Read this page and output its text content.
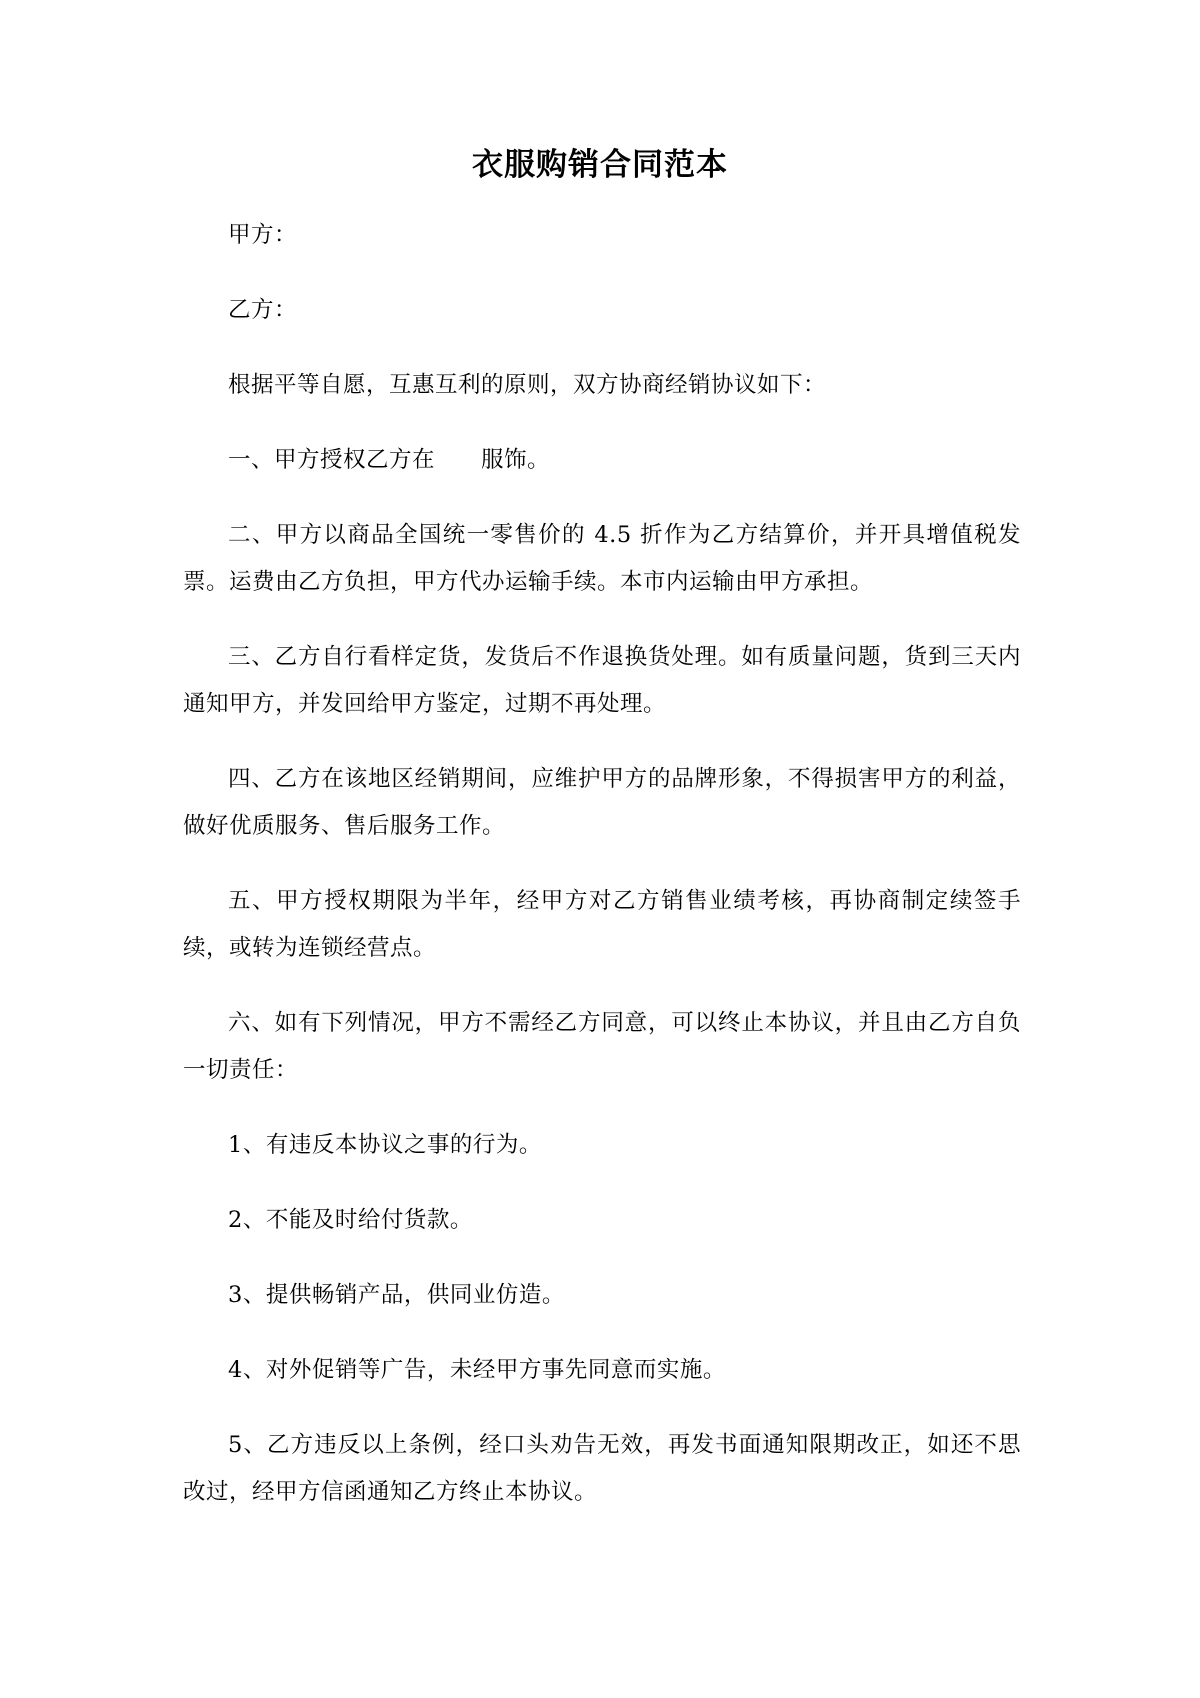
衣服购销合同范本

甲方：

乙方：

根据平等自愿，互惠互利的原则，双方协商经销协议如下：

一、甲方授权乙方在　　服饰。

二、甲方以商品全国统一零售价的 4.5 折作为乙方结算价，并开具增值税发票。运费由乙方负担，甲方代办运输手续。本市内运输由甲方承担。

三、乙方自行看样定货，发货后不作退换货处理。如有质量问题，货到三天内通知甲方，并发回给甲方鉴定，过期不再处理。

四、乙方在该地区经销期间，应维护甲方的品牌形象，不得损害甲方的利益，做好优质服务、售后服务工作。

五、甲方授权期限为半年，经甲方对乙方销售业绩考核，再协商制定续签手续，或转为连锁经营点。

六、如有下列情况，甲方不需经乙方同意，可以终止本协议，并且由乙方自负一切责任：

1、有违反本协议之事的行为。

2、不能及时给付货款。

3、提供畅销产品，供同业仿造。

4、对外促销等广告，未经甲方事先同意而实施。

5、乙方违反以上条例，经口头劝告无效，再发书面通知限期改正，如还不思改过，经甲方信函通知乙方终止本协议。
